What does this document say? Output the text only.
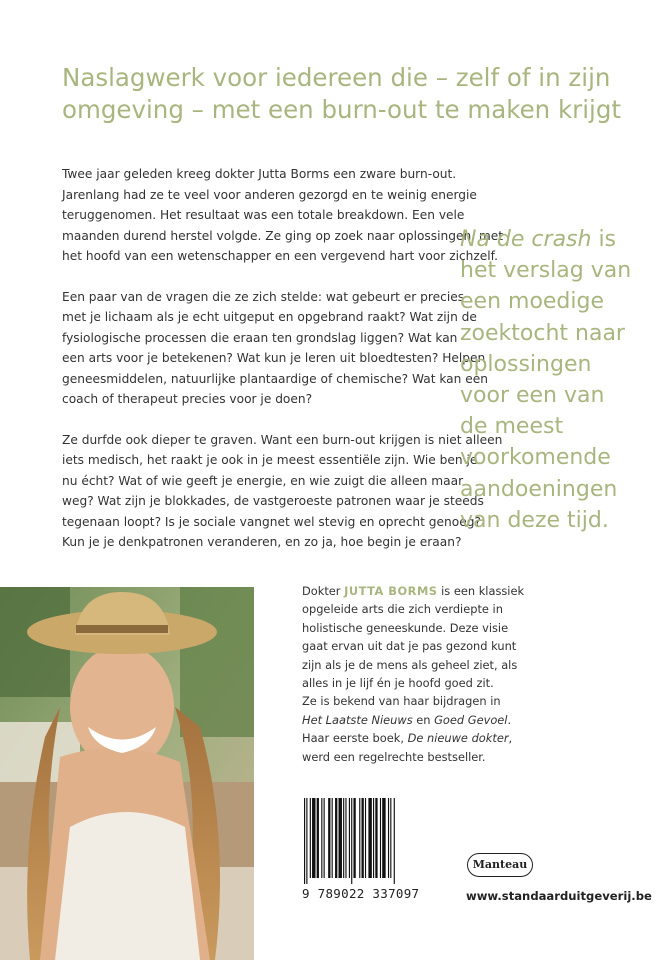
Naslagwerk voor iedereen die – zelf of in zijn
omgeving – met een burn-out te maken krijgt

Twee jaar geleden kreeg dokter Jutta Borms een zware burn-out.
Jarenlang had ze te veel voor anderen gezorgd en te weinig energie
teruggenomen. Het resultaat was een totale breakdown. Een vele
maanden durend herstel volgde. Ze ging op zoek naar oplossingen, met
het hoofd van een wetenschapper en een vergevend hart voor zichzelf.

Een paar van de vragen die ze zich stelde: wat gebeurt er precies
met je lichaam als je echt uitgeput en opgebrand raakt? Wat zijn de
fysiologische processen die eraan ten grondslag liggen? Wat kan
een arts voor je betekenen? Wat kun je leren uit bloedtesten? Helpen
geneesmiddelen, natuurlijke plantaardige of chemische? Wat kan een
coach of therapeut precies voor je doen?

Ze durfde ook dieper te graven. Want een burn-out krijgen is niet alleen
iets medisch, het raakt je ook in je meest essentiële zijn. Wie ben je
nu écht? Wat of wie geeft je energie, en wie zuigt die alleen maar
weg? Wat zijn je blokkades, de vastgeroeste patronen waar je steeds
tegenaan loopt? Is je sociale vangnet wel stevig en oprecht genoeg?
Kun je je denkpatronen veranderen, en zo ja, hoe begin je eraan?

Na de crash is
het verslag van
een moedige
zoektocht naar
oplossingen
voor een van
de meest
voorkomende
aandoeningen
van deze tijd.
Dokter JUTTA BORMS is een klassiek
opgeleide arts die zich verdiepte in
holistische geneeskunde. Deze visie
gaat ervan uit dat je pas gezond kunt
zijn als je de mens als geheel ziet, als
alles in je lijf én je hoofd goed zit.
Ze is bekend van haar bijdragen in
Het Laatste Nieuws en Goed Gevoel.
Haar eerste boek, De nieuwe dokter,
werd een regelrechte bestseller.
9 789022 337097
Manteau
www.standaarduitgeverij.be
